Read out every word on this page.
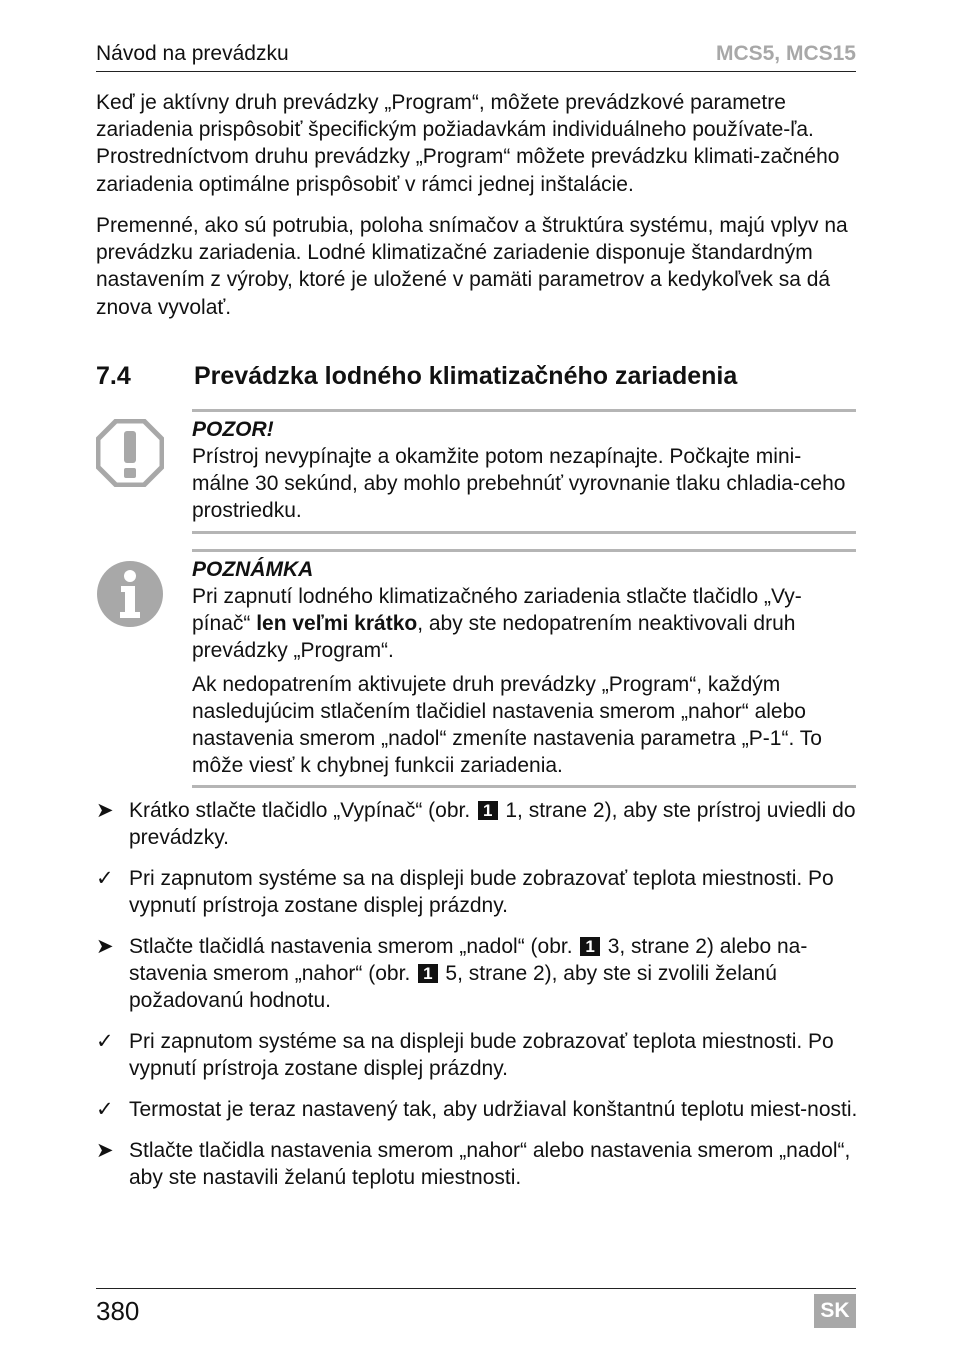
Návod na prevádzku	MCS5, MCS15

Keď je aktívny druh prevádzky „Program“, môžete prevádzkové parametre zariadenia prispôsobiť špecifickým požiadavkám individuálneho používate-ľa. Prostredníctvom druhu prevádzky „Program“ môžete prevádzku klimati-začného zariadenia optimálne prispôsobiť v rámci jednej inštalácie.

Premenné, ako sú potrubia, poloha snímačov a štruktúra systému, majú vplyv na prevádzku zariadenia. Lodné klimatizačné zariadenie disponuje štandardným nastavením z výroby, ktoré je uložené v pamäti parametrov a kedykoľvek sa dá znova vyvolať.

7.4	Prevádzka lodného klimatizačného zariadenia
POZOR!
Prístroj nevypínajte a okamžite potom nezapínajte. Počkajte mini-málne 30 sekúnd, aby mohlo prebehnúť vyrovnanie tlaku chladia-ceho prostriedku.
POZNÁMKA
Pri zapnutí lodného klimatizačného zariadenia stlačte tlačidlo „Vy-pínač“ len veľmi krátko, aby ste nedopatrením neaktivovali druh prevádzky „Program“.
Ak nedopatrením aktivujete druh prevádzky „Program“, každým nasledujúcim stlačením tlačidiel nastavenia smerom „nahor“ alebo nastavenia smerom „nadol“ zmeníte nastavenia parametra „P-1“. To môže viesť k chybnej funkcii zariadenia.
➤ Krátko stlačte tlačidlo „Vypínač“ (obr. 1 1, strane 2), aby ste prístroj uviedli do prevádzky.
✓ Pri zapnutom systéme sa na displeji bude zobrazovať teplota miestnosti. Po vypnutí prístroja zostane displej prázdny.
➤ Stlačte tlačidlá nastavenia smerom „nadol“ (obr. 1 3, strane 2) alebo na-stavenia smerom „nahor“ (obr. 1 5, strane 2), aby ste si zvolili želanú požadovanú hodnotu.
✓ Pri zapnutom systéme sa na displeji bude zobrazovať teplota miestnosti. Po vypnutí prístroja zostane displej prázdny.
✓ Termostat je teraz nastavený tak, aby udržiaval konštantnú teplotu miest-nosti.
➤ Stlačte tlačidla nastavenia smerom „nahor“ alebo nastavenia smerom „nadol“, aby ste nastavili želanú teplotu miestnosti.
380	SK
